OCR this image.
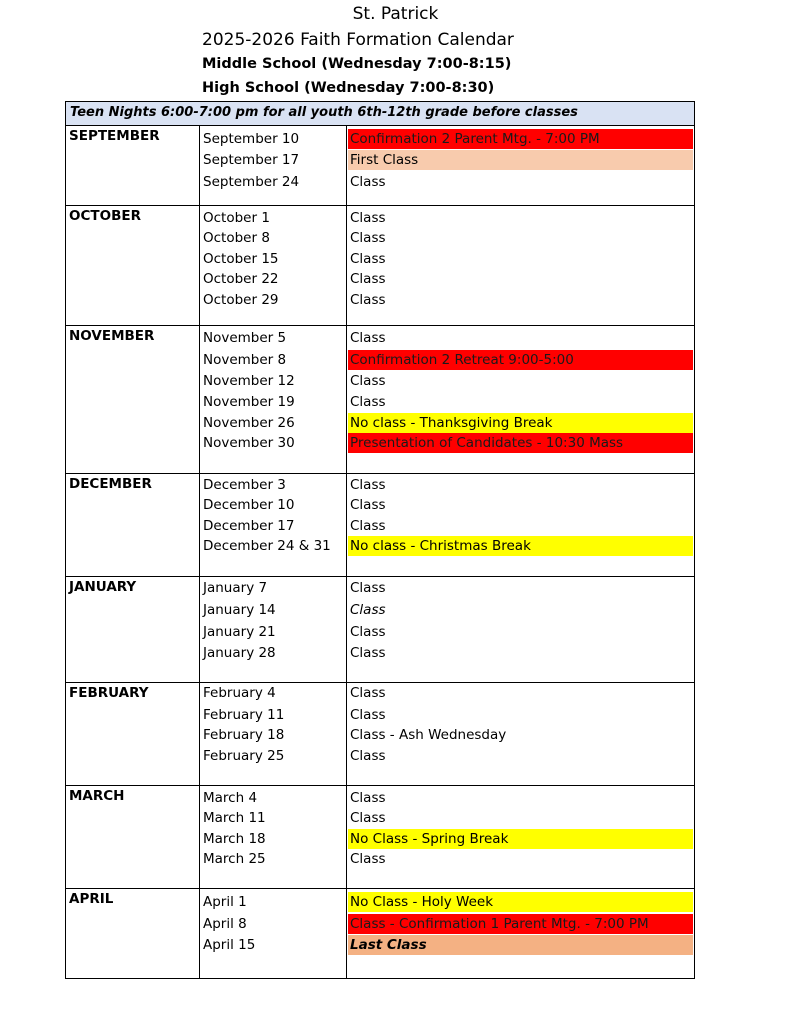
St. Patrick
2025-2026 Faith Formation Calendar
Middle School (Wednesday 7:00-8:15)
High School (Wednesday 7:00-8:30)
Teen Nights 6:00-7:00 pm for all youth 6th-12th grade before classes
SEPTEMBER	September 10	Confirmation 2 Parent Mtg. - 7:00 PM
September 17	First Class
September 24	Class
OCTOBER	October 1	Class
October 8	Class
October 15	Class
October 22	Class
October 29	Class
NOVEMBER	November 5	Class
November 8	Confirmation 2 Retreat 9:00-5:00
November 12	Class
November 19	Class
November 26	No class - Thanksgiving Break
November 30	Presentation of Candidates - 10:30 Mass
DECEMBER	December 3	Class
December 10	Class
December 17	Class
December 24 & 31 No class - Christmas Break
JANUARY	January 7	Class
January 14	Class
January 21	Class
January 28	Class
FEBRUARY	February 4	Class
February 11	Class
February 18	Class - Ash Wednesday
February 25	Class
MARCH	March 4	Class
March 11	Class
March 18	No Class - Spring Break
March 25	Class
APRIL	April 1	No Class - Holy Week
April 8	Class - Confirmation 1 Parent Mtg. - 7:00 PM
April 15	Last Class
